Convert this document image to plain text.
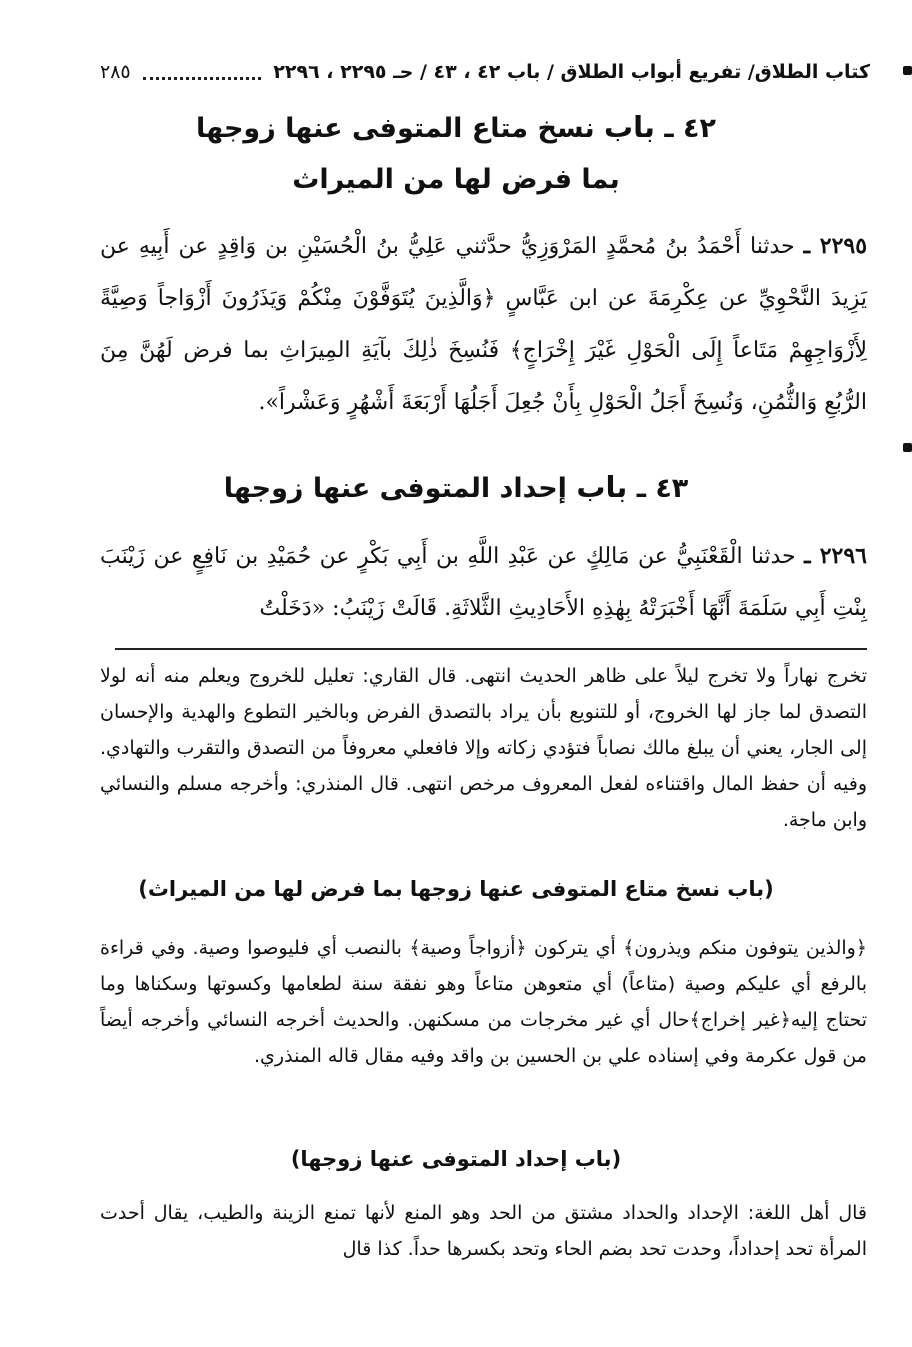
كتاب الطلاق/ تفريع أبواب الطلاق / باب ٤٢ ، ٤٣ / حـ ٢٢٩٥ ، ٢٢٩٦
٢٨٥
٤٢ ـ باب نسخ متاع المتوفى عنها زوجها
بما فرض لها من الميراث
٢٢٩٥ ـ حدثنا أَحْمَدُ بنُ مُحمَّدٍ المَرْوَزِيُّ حدَّثني عَلِيُّ بنُ الْحُسَيْنِ بن وَاقِدٍ عن أَبِيهِ عن يَزِيدَ النَّحْوِيِّ عن عِكْرِمَةَ عن ابن عَبَّاسٍ ﴿وَالَّذِينَ يُتَوَفَّوْنَ مِنْكُمْ وَيَذَرُونَ أَزْوَاجاً وَصِيَّةً لِأَزْوَاجِهِمْ مَتَاعاً إِلَى الْحَوْلِ غَيْرَ إِخْرَاجٍ﴾ فَنُسِخَ ذٰلِكَ بآيَةِ المِيرَاثِ بما فرض لَهُنَّ مِنَ الرُّبُعِ وَالثُّمُنِ، وَنُسِخَ أَجَلُ الْحَوْلِ بِأَنْ جُعِلَ أَجَلُهَا أَرْبَعَةَ أَشْهُرٍ وَعَشْراً».
٤٣ ـ باب إحداد المتوفى عنها زوجها
٢٢٩٦ ـ حدثنا الْقَعْنَبِيُّ عن مَالِكٍ عن عَبْدِ اللَّهِ بن أَبِي بَكْرٍ عن حُمَيْدِ بن نَافِعٍ عن زَيْنَبَ بِنْتِ أَبِي سَلَمَةَ أَنَّهَا أَخْبَرَتْهُ بِهٰذِهِ الأَحَادِيثِ الثَّلاثَةِ. قَالَتْ زَيْنَبُ: «دَخَلْتُ
تخرج نهاراً ولا تخرج ليلاً على ظاهر الحديث انتهى. قال القاري: تعليل للخروج ويعلم منه أنه لولا التصدق لما جاز لها الخروج، أو للتنويع بأن يراد بالتصدق الفرض وبالخير التطوع والهدية والإحسان إلى الجار، يعني أن يبلغ مالك نصاباً فتؤدي زكاته وإلا فافعلي معروفاً من التصدق والتقرب والتهادي. وفيه أن حفظ المال واقتناءه لفعل المعروف مرخص انتهى. قال المنذري: وأخرجه مسلم والنسائي وابن ماجة.
(باب نسخ متاع المتوفى عنها زوجها بما فرض لها من الميراث)
﴿والذين يتوفون منكم ويذرون﴾ أي يتركون ﴿أزواجاً وصية﴾ بالنصب أي فليوصوا وصية. وفي قراءة بالرفع أي عليكم وصية (متاعاً) أي متعوهن متاعاً وهو نفقة سنة لطعامها وكسوتها وسكناها وما تحتاج إليه﴿غير إخراج﴾حال أي غير مخرجات من مسكنهن. والحديث أخرجه النسائي وأخرجه أيضاً من قول عكرمة وفي إسناده علي بن الحسين بن واقد وفيه مقال قاله المنذري.
(باب إحداد المتوفى عنها زوجها)
قال أهل اللغة: الإحداد والحداد مشتق من الحد وهو المنع لأنها تمنع الزينة والطيب، يقال أحدت المرأة تحد إحداداً، وحدت تحد بضم الحاء وتحد بكسرها حداً. كذا قال
